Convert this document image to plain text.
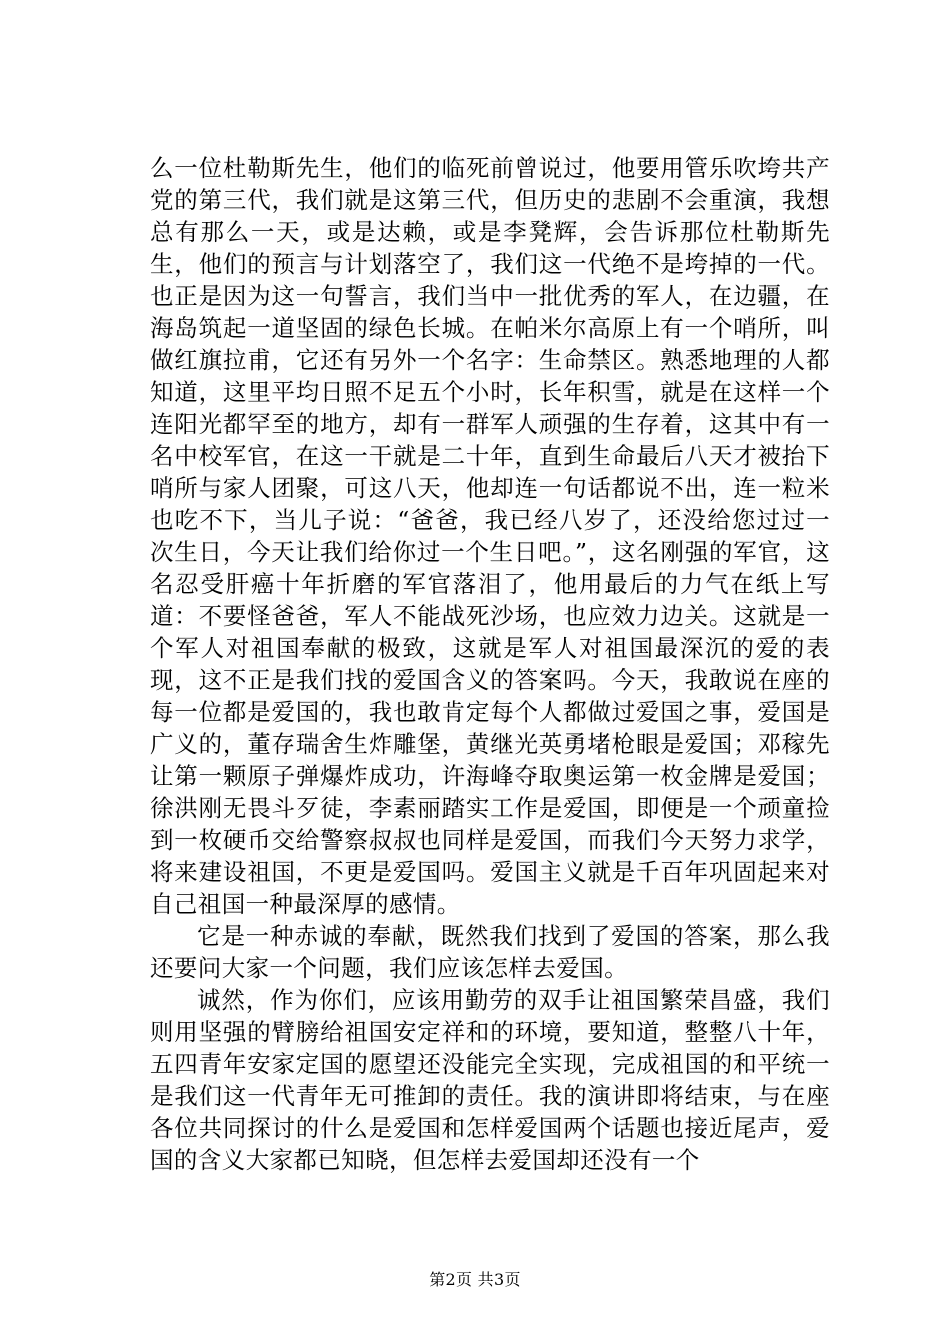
么一位杜勒斯先生，他们的临死前曾说过，他要用管乐吹垮共产党的第三代，我们就是这第三代，但历史的悲剧不会重演，我想总有那么一天，或是达赖，或是李凳辉，会告诉那位杜勒斯先生，他们的预言与计划落空了，我们这一代绝不是垮掉的一代。也正是因为这一句誓言，我们当中一批优秀的军人，在边疆，在海岛筑起一道坚固的绿色长城。在帕米尔高原上有一个哨所，叫做红旗拉甫，它还有另外一个名字：生命禁区。熟悉地理的人都知道，这里平均日照不足五个小时，长年积雪，就是在这样一个连阳光都罕至的地方，却有一群军人顽强的生存着，这其中有一名中校军官，在这一干就是二十年，直到生命最后八天才被抬下哨所与家人团聚，可这八天，他却连一句话都说不出，连一粒米也吃不下，当儿子说：“爸爸，我已经八岁了，还没给您过过一次生日，今天让我们给你过一个生日吧。”，这名刚强的军官，这名忍受肝癌十年折磨的军官落泪了，他用最后的力气在纸上写道：不要怪爸爸，军人不能战死沙场，也应效力边关。这就是一个军人对祖国奉献的极致，这就是军人对祖国最深沉的爱的表现，这不正是我们找的爱国含义的答案吗。今天，我敢说在座的每一位都是爱国的，我也敢肯定每个人都做过爱国之事，爱国是广义的，董存瑞舍生炸雕堡，黄继光英勇堵枪眼是爱国；邓稼先让第一颗原子弹爆炸成功，许海峰夺取奥运第一枚金牌是爱国；徐洪刚无畏斗歹徒，李素丽踏实工作是爱国，即便是一个顽童捡到一枚硬币交给警察叔叔也同样是爱国，而我们今天努力求学，将来建设祖国，不更是爱国吗。爱国主义就是千百年巩固起来对自己祖国一种最深厚的感情。

它是一种赤诚的奉献，既然我们找到了爱国的答案，那么我还要问大家一个问题，我们应该怎样去爱国。

诚然，作为你们，应该用勤劳的双手让祖国繁荣昌盛，我们则用坚强的臂膀给祖国安定祥和的环境，要知道，整整八十年，五四青年安家定国的愿望还没能完全实现，完成祖国的和平统一是我们这一代青年无可推卸的责任。我的演讲即将结束，与在座各位共同探讨的什么是爱国和怎样爱国两个话题也接近尾声，爱国的含义大家都已知晓，但怎样去爱国却还没有一个

第2页 共3页
